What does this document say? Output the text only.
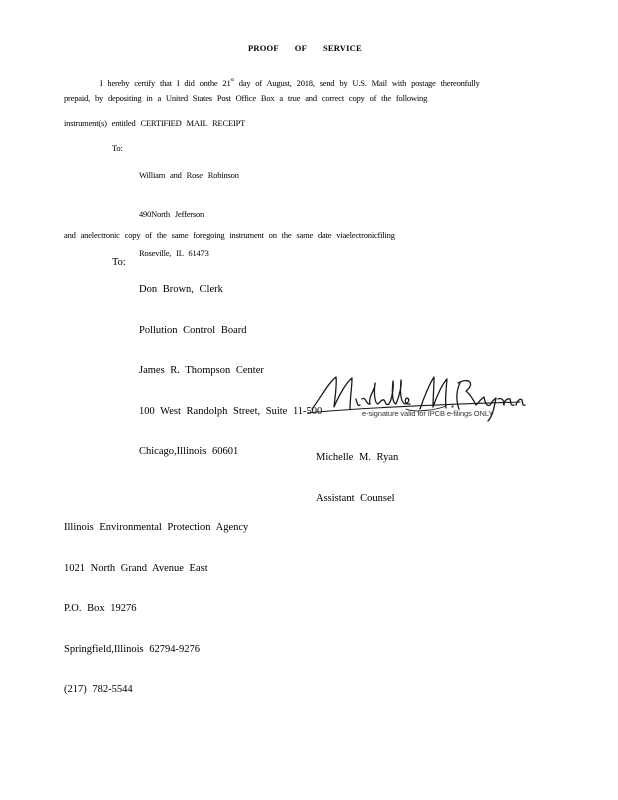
PROOF OF SERVICE

I hereby certify that I did onthe 21st day of August, 2018, send by U.S. Mail with postage thereonfully

prepaid, by depositing in a United States Post Office Box a true and correct copy of the following
instrument(s) entitled CERTIFIED MAIL RECEIPT
To:

William and Rose Robinson

490North Jefferson

Roseville, IL 61473

and anelectronic copy of the same foregoing instrument on the same date viaelectronicfiling
To:

Don Brown, Clerk

Pollution Control Board

James R. Thompson Center

100 West Randolph Street, Suite 11-500

Chicago,Illinois 60601

e-signature valid for IPCB e-filings ONLY

Michelle M. Ryan

Assistant Counsel

Illinois Environmental Protection Agency

1021 North Grand Avenue East

P.O. Box 19276

Springfield,Illinois 62794-9276

(217) 782-5544
